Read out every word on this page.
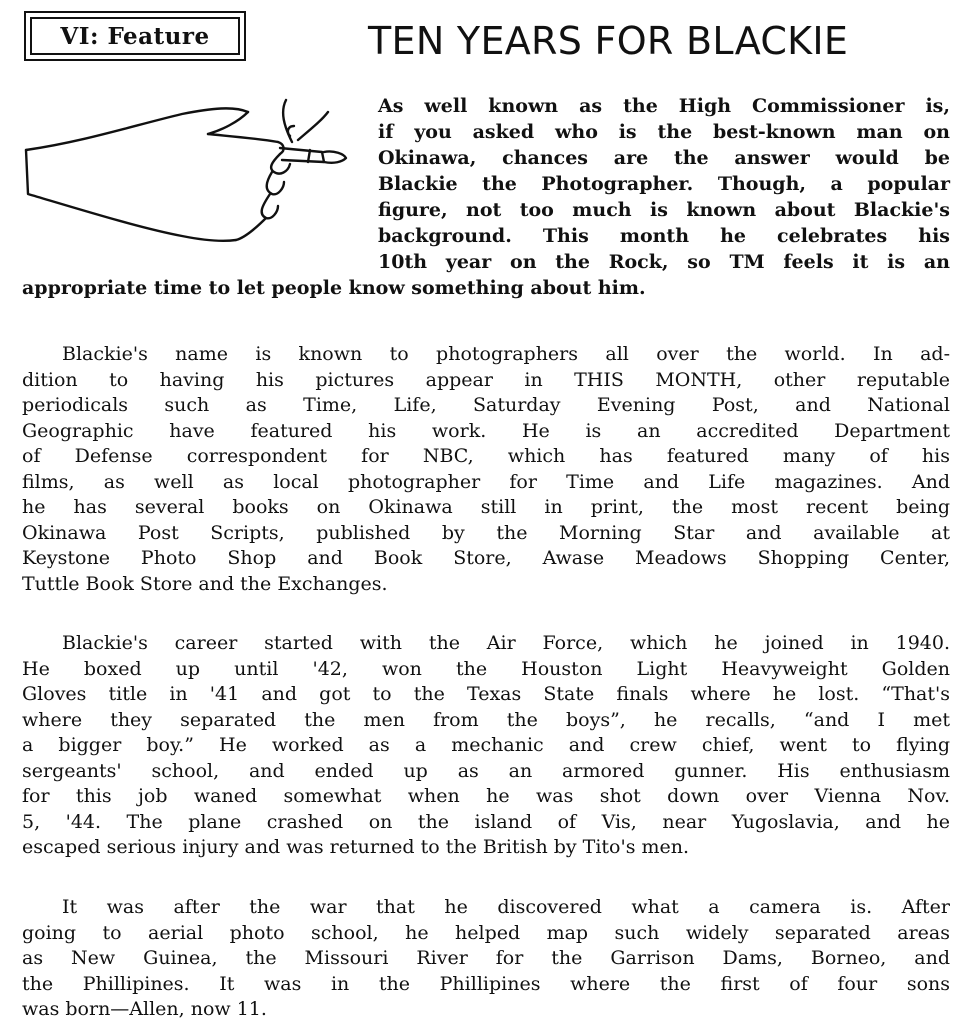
VI: Feature	TEN YEARS FOR BLACKIE
As well known as the High Commissioner is,
if you asked who is the best-known man on
Okinawa, chances are the answer would be
Blackie the Photographer. Though, a popular
figure, not too much is known about Blackie's
background. This month he celebrates his
10th year on the Rock, so TM feels it is an
appropriate time to let people know something about him.
Blackie's name is known to photographers all over the world. In ad-
dition to having his pictures appear in THIS MONTH, other reputable
periodicals such as Time, Life, Saturday Evening Post, and National
Geographic have featured his work. He is an accredited Department
of Defense correspondent for NBC, which has featured many of his
films, as well as local photographer for Time and Life magazines. And
he has several books on Okinawa still in print, the most recent being
Okinawa Post Scripts, published by the Morning Star and available at
Keystone Photo Shop and Book Store, Awase Meadows Shopping Center,
Tuttle Book Store and the Exchanges.
Blackie's career started with the Air Force, which he joined in 1940.
He boxed up until '42, won the Houston Light Heavyweight Golden
Gloves title in '41 and got to the Texas State finals where he lost. “That's
where they separated the men from the boys”, he recalls, “and I met
a bigger boy.” He worked as a mechanic and crew chief, went to flying
sergeants' school, and ended up as an armored gunner. His enthusiasm
for this job waned somewhat when he was shot down over Vienna Nov.
5, '44. The plane crashed on the island of Vis, near Yugoslavia, and he
escaped serious injury and was returned to the British by Tito's men.
It was after the war that he discovered what a camera is. After
going to aerial photo school, he helped map such widely separated areas
as New Guinea, the Missouri River for the Garrison Dams, Borneo, and
the Phillipines. It was in the Phillipines where the first of four sons
was born—Allen, now 11.
